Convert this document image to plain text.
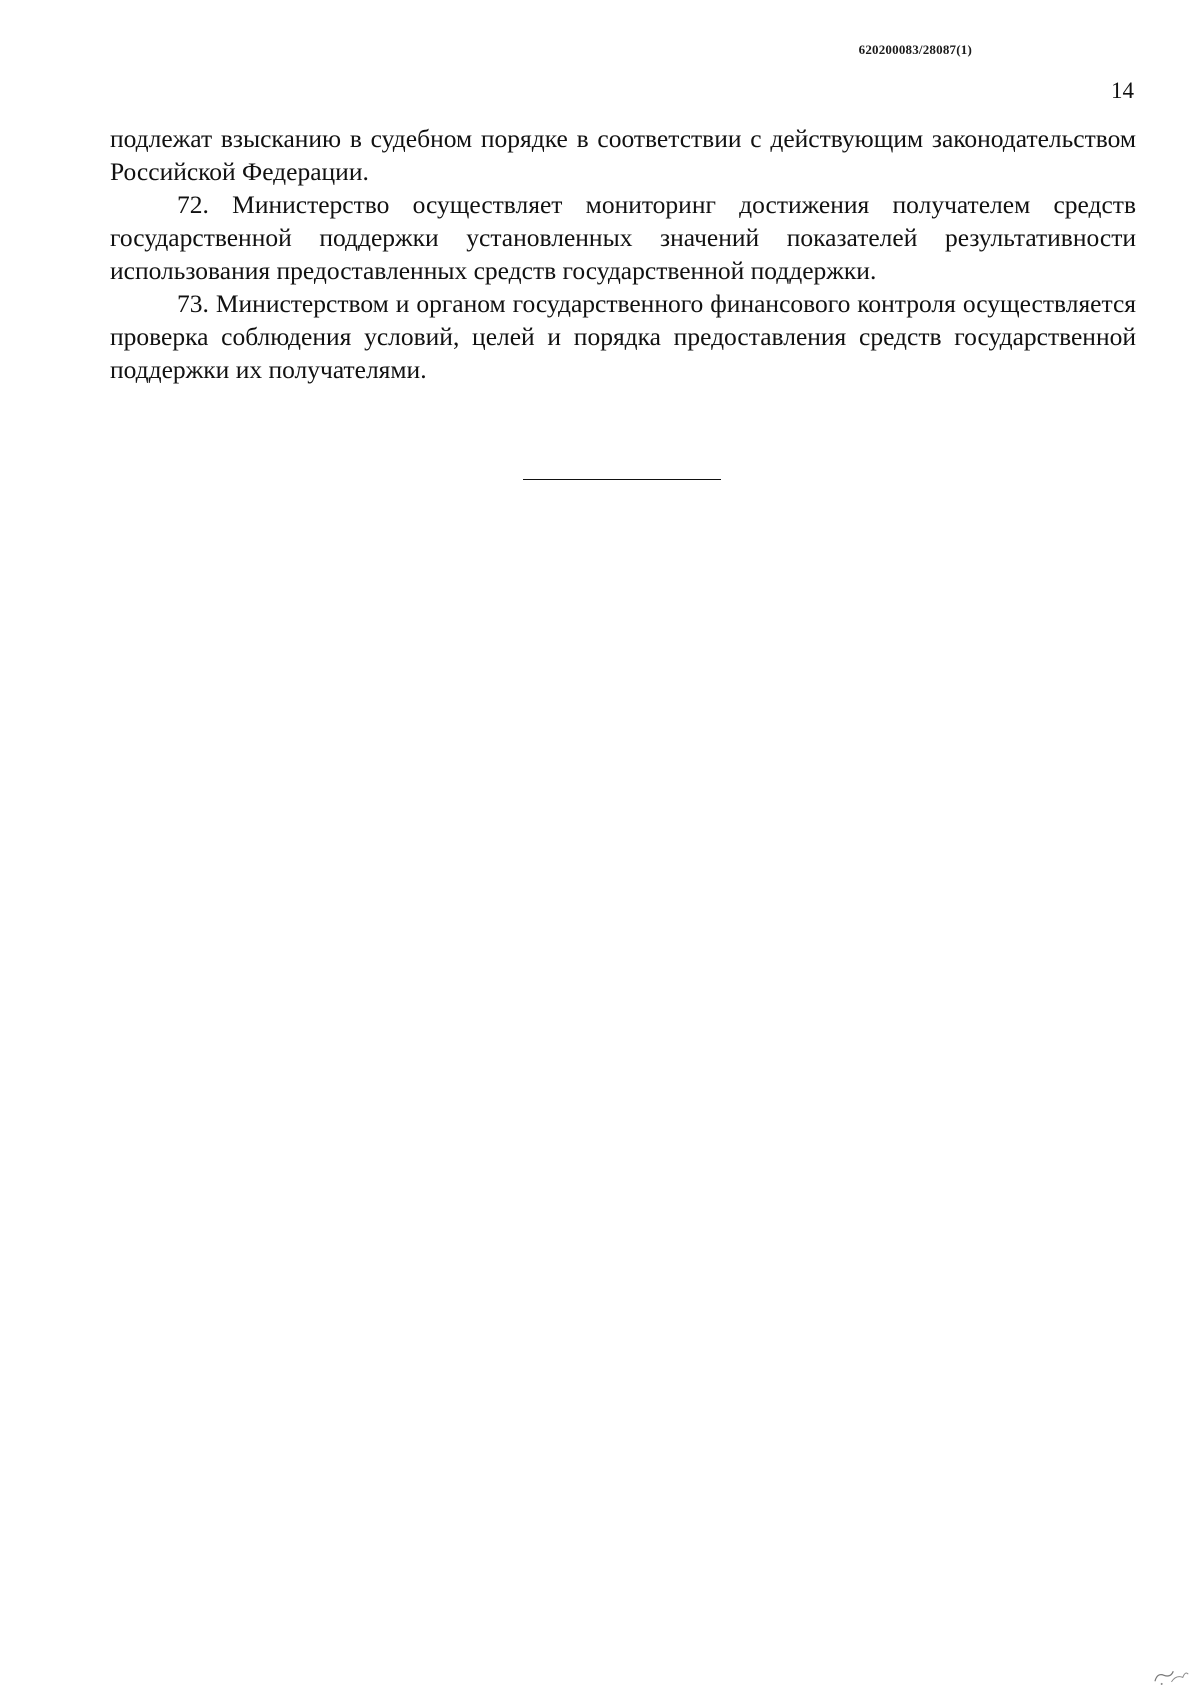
620200083/28087(1)
14

подлежат взысканию в судебном порядке в соответствии с действующим законодательством Российской Федерации.

72. Министерство осуществляет мониторинг достижения получателем средств государственной поддержки установленных значений показателей результативности использования предоставленных средств государственной поддержки.

73. Министерством и органом государственного финансового контроля осуществляется проверка соблюдения условий, целей и порядка предоставления средств государственной поддержки их получателями.
